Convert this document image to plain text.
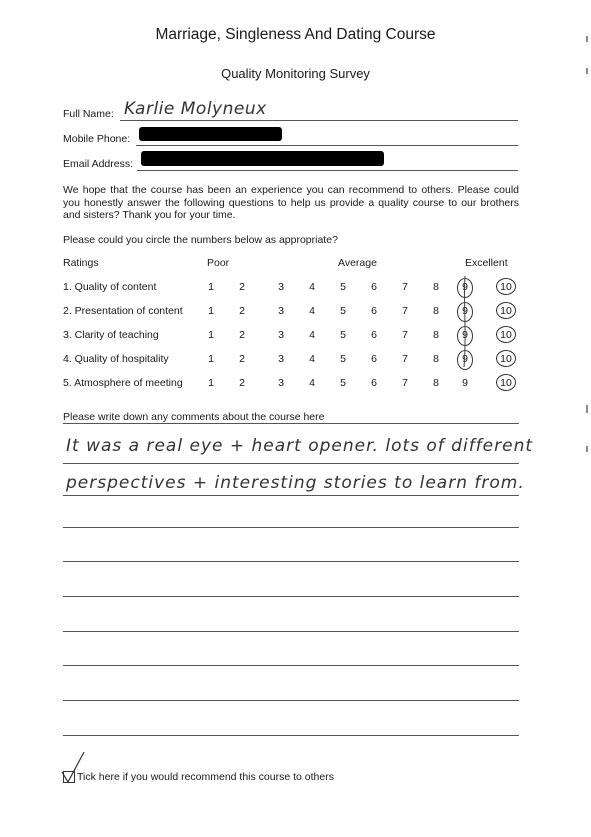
Marriage, Singleness And Dating Course
Quality Monitoring Survey
Full Name: Karlie Molyneux
Mobile Phone:
Email Address:
We hope that the course has been an experience you can recommend to others. Please could you honestly answer the following questions to help us provide a quality course to our brothers and sisters? Thank you for your time.
Please could you circle the numbers below as appropriate?
Ratings	Poor	Average	Excellent
1. Quality of content	1	2	3	4	5	6	7	8	9	10
2. Presentation of content	1	2	3	4	5	6	7	8	9	10
3. Clarity of teaching	1	2	3	4	5	6	7	8	9	10
4. Quality of hospitality	1	2	3	4	5	6	7	8	9	10
5. Atmosphere of meeting	1	2	3	4	5	6	7	8	9	10
Please write down any comments about the course here
It was a real eye + heart opener. lots of different
perspectives + interesting stories to learn from.
Tick here if you would recommend this course to others
